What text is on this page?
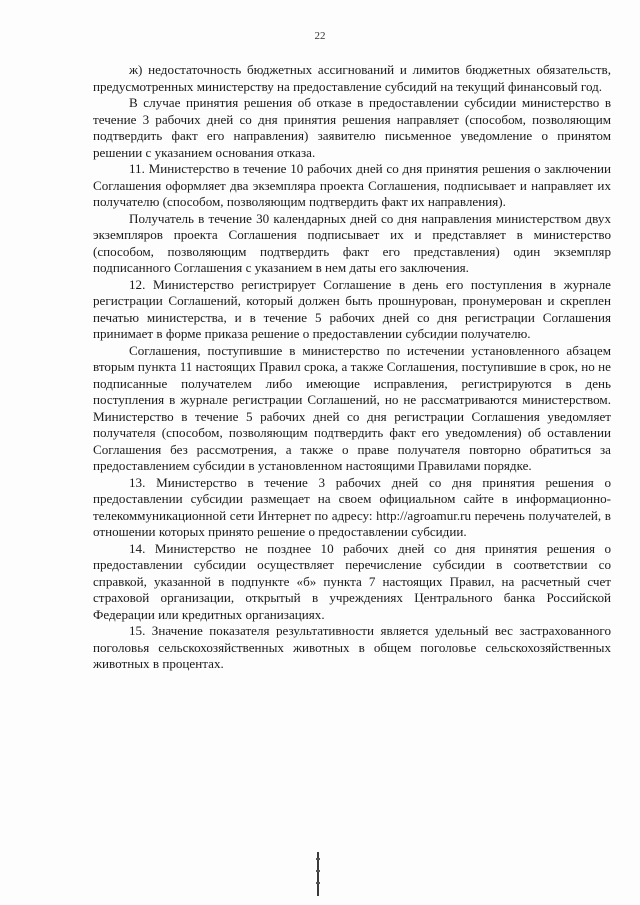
22

ж) недостаточность бюджетных ассигнований и лимитов бюджетных обязательств, предусмотренных министерству на предоставление субсидий на текущий финансовый год.

В случае принятия решения об отказе в предоставлении субсидии министерство в течение 3 рабочих дней со дня принятия решения направляет (способом, позволяющим подтвердить факт его направления) заявителю письменное уведомление о принятом решении с указанием основания отказа.

11. Министерство в течение 10 рабочих дней со дня принятия решения о заключении Соглашения оформляет два экземпляра проекта Соглашения, подписывает и направляет их получателю (способом, позволяющим подтвердить факт их направления).

Получатель в течение 30 календарных дней со дня направления министерством двух экземпляров проекта Соглашения подписывает их и представляет в министерство (способом, позволяющим подтвердить факт его представления) один экземпляр подписанного Соглашения с указанием в нем даты его заключения.

12. Министерство регистрирует Соглашение в день его поступления в журнале регистрации Соглашений, который должен быть прошнурован, пронумерован и скреплен печатью министерства, и в течение 5 рабочих дней со дня регистрации Соглашения принимает в форме приказа решение о предоставлении субсидии получателю.

Соглашения, поступившие в министерство по истечении установленного абзацем вторым пункта 11 настоящих Правил срока, а также Соглашения, поступившие в срок, но не подписанные получателем либо имеющие исправления, регистрируются в день поступления в журнале регистрации Соглашений, но не рассматриваются министерством. Министерство в течение 5 рабочих дней со дня регистрации Соглашения уведомляет получателя (способом, позволяющим подтвердить факт его уведомления) об оставлении Соглашения без рассмотрения, а также о праве получателя повторно обратиться за предоставлением субсидии в установленном настоящими Правилами порядке.

13. Министерство в течение 3 рабочих дней со дня принятия решения о предоставлении субсидии размещает на своем официальном сайте в информационно-телекоммуникационной сети Интернет по адресу: http://agroamur.ru перечень получателей, в отношении которых принято решение о предоставлении субсидии.

14. Министерство не позднее 10 рабочих дней со дня принятия решения о предоставлении субсидии осуществляет перечисление субсидии в соответствии со справкой, указанной в подпункте «б» пункта 7 настоящих Правил, на расчетный счет страховой организации, открытый в учреждениях Центрального банка Российской Федерации или кредитных организациях.

15. Значение показателя результативности является удельный вес застрахованного поголовья сельскохозяйственных животных в общем поголовье сельскохозяйственных животных в процентах.
